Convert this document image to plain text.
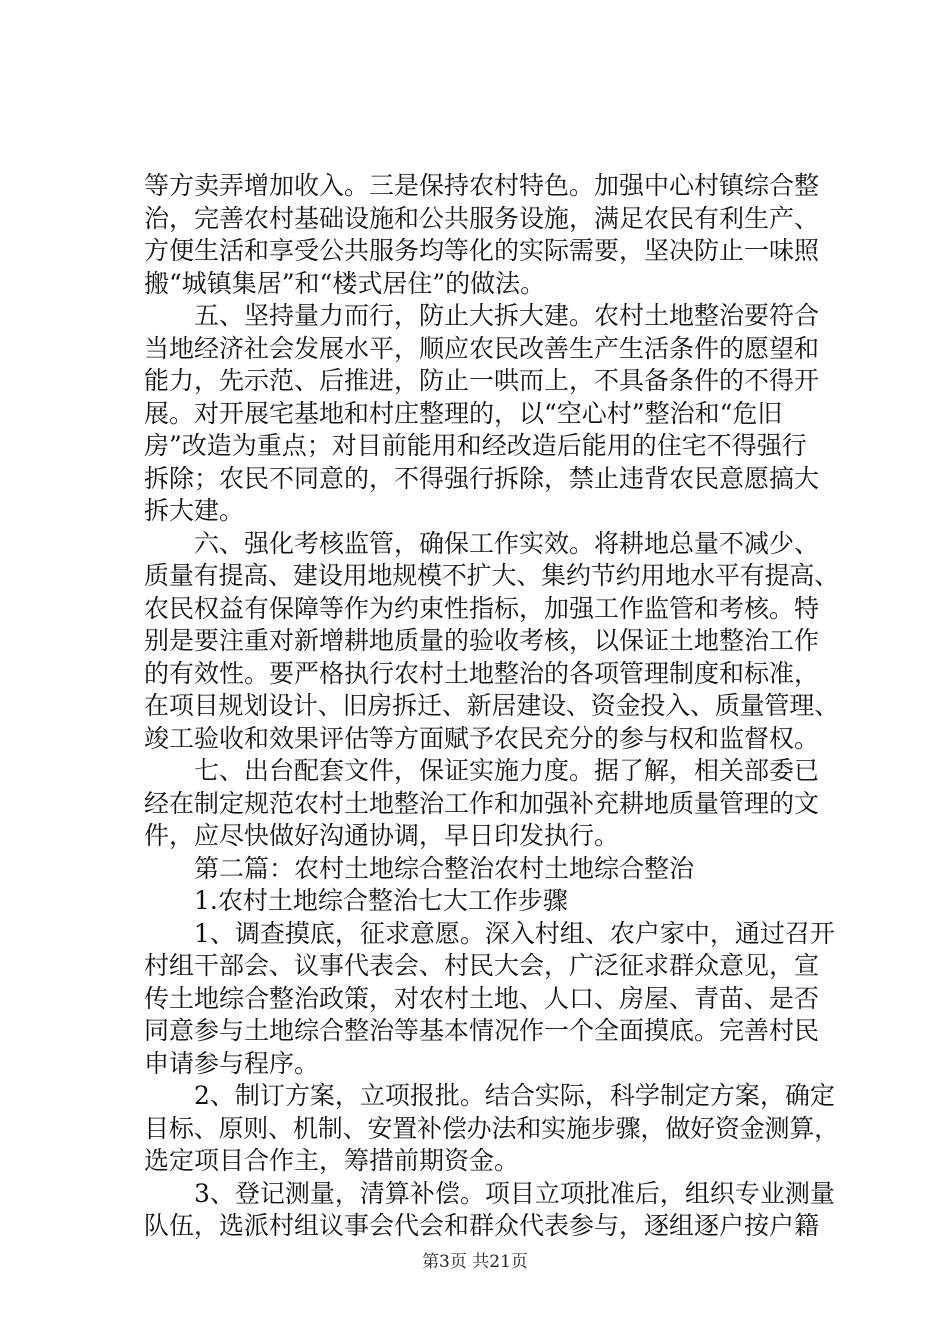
等方卖弄增加收入。三是保持农村特色。加强中心村镇综合整
治，完善农村基础设施和公共服务设施，满足农民有利生产、
方便生活和享受公共服务均等化的实际需要，坚决防止一味照
搬“城镇集居”和“楼式居住”的做法。
　　五、坚持量力而行，防止大拆大建。农村土地整治要符合
当地经济社会发展水平，顺应农民改善生产生活条件的愿望和
能力，先示范、后推进，防止一哄而上，不具备条件的不得开
展。对开展宅基地和村庄整理的，以“空心村”整治和“危旧
房”改造为重点；对目前能用和经改造后能用的住宅不得强行
拆除；农民不同意的，不得强行拆除，禁止违背农民意愿搞大
拆大建。
　　六、强化考核监管，确保工作实效。将耕地总量不减少、
质量有提高、建设用地规模不扩大、集约节约用地水平有提高、
农民权益有保障等作为约束性指标，加强工作监管和考核。特
别是要注重对新增耕地质量的验收考核，以保证土地整治工作
的有效性。要严格执行农村土地整治的各项管理制度和标准，
在项目规划设计、旧房拆迁、新居建设、资金投入、质量管理、
竣工验收和效果评估等方面赋予农民充分的参与权和监督权。
　　七、出台配套文件，保证实施力度。据了解，相关部委已
经在制定规范农村土地整治工作和加强补充耕地质量管理的文
件，应尽快做好沟通协调，早日印发执行。
　　第二篇：农村土地综合整治农村土地综合整治
　　1.农村土地综合整治七大工作步骤
　　1、调查摸底，征求意愿。深入村组、农户家中，通过召开
村组干部会、议事代表会、村民大会，广泛征求群众意见，宣
传土地综合整治政策，对农村土地、人口、房屋、青苗、是否
同意参与土地综合整治等基本情况作一个全面摸底。完善村民
申请参与程序。
　　2、制订方案，立项报批。结合实际，科学制定方案，确定
目标、原则、机制、安置补偿办法和实施步骤，做好资金测算，
选定项目合作主，筹措前期资金。
　　3、登记测量，清算补偿。项目立项批准后，组织专业测量
队伍，选派村组议事会代会和群众代表参与，逐组逐户按户籍
第3页 共21页
